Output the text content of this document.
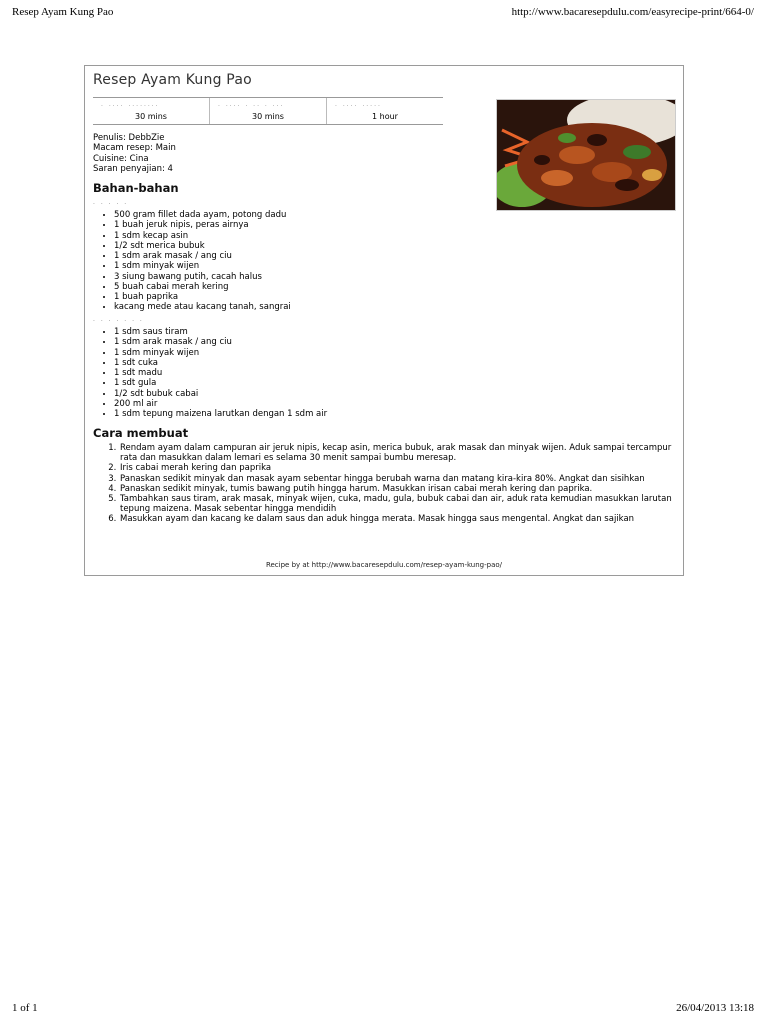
Resep Ayam Kung Pao	http://www.bacaresepdulu.com/easyrecipe-print/664-0/
Resep Ayam Kung Pao
. .... ........
30 mins
. .... . .. . ...
30 mins
. .... .....
1 hour
Penulis: DebbZie
Macam resep: Main
Cuisine: Cina
Saran penyajian: 4
Bahan-bahan
. . . . .
• 500 gram fillet dada ayam, potong dadu
• 1 buah jeruk nipis, peras airnya
• 1 sdm kecap asin
• 1/2 sdt merica bubuk
• 1 sdm arak masak / ang ciu
• 1 sdm minyak wijen
• 3 siung bawang putih, cacah halus
• 5 buah cabai merah kering
• 1 buah paprika
• kacang mede atau kacang tanah, sangrai
. . . . . . .
• 1 sdm saus tiram
• 1 sdm arak masak / ang ciu
• 1 sdm minyak wijen
• 1 sdt cuka
• 1 sdt madu
• 1 sdt gula
• 1/2 sdt bubuk cabai
• 200 ml air
• 1 sdm tepung maizena larutkan dengan 1 sdm air
Cara membuat
1. Rendam ayam dalam campuran air jeruk nipis, kecap asin, merica bubuk, arak masak dan minyak wijen. Aduk sampai tercampur rata dan masukkan dalam lemari es selama 30 menit sampai bumbu meresap.
2. Iris cabai merah kering dan paprika
3. Panaskan sedikit minyak dan masak ayam sebentar hingga berubah warna dan matang kira-kira 80%. Angkat dan sisihkan
4. Panaskan sedikit minyak, tumis bawang putih hingga harum. Masukkan irisan cabai merah kering dan paprika.
5. Tambahkan saus tiram, arak masak, minyak wijen, cuka, madu, gula, bubuk cabai dan air, aduk rata kemudian masukkan larutan tepung maizena. Masak sebentar hingga mendidih
6. Masukkan ayam dan kacang ke dalam saus dan aduk hingga merata. Masak hingga saus mengental. Angkat dan sajikan
Recipe by at http://www.bacaresepdulu.com/resep-ayam-kung-pao/
1 of 1	26/04/2013 13:18
